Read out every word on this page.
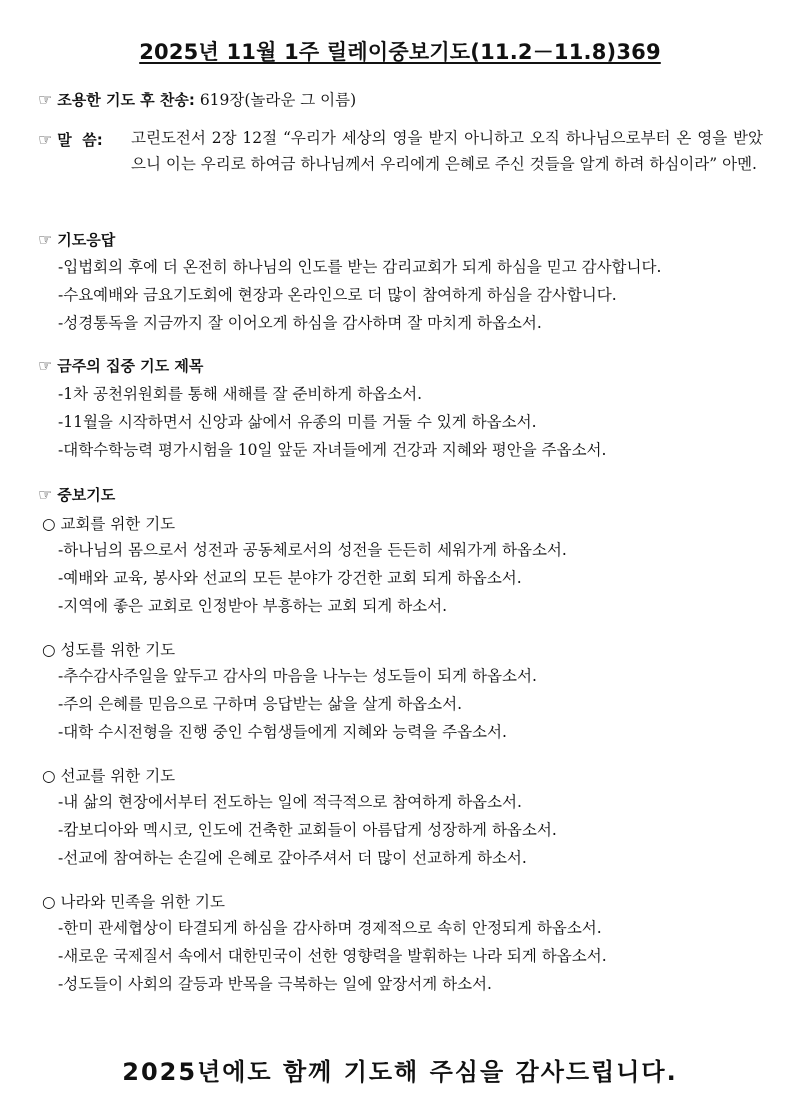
2025년 11월 1주 릴레이중보기도(11.2－11.8)369
☞ 조용한 기도 후 찬송: 619장(놀라운 그 이름)
☞ 말  씀: 고린도전서 2장 12절 “우리가 세상의 영을 받지 아니하고 오직 하나님으로부터 온 영을 받았으니 이는 우리로 하여금 하나님께서 우리에게 은혜로 주신 것들을 알게 하려 하심이라” 아멘.
☞ 기도응답
-입법회의 후에 더 온전히 하나님의 인도를 받는 감리교회가 되게 하심을 믿고 감사합니다.
-수요예배와 금요기도회에 현장과 온라인으로 더 많이 참여하게 하심을 감사합니다.
-성경통독을 지금까지 잘 이어오게 하심을 감사하며 잘 마치게 하옵소서.
☞ 금주의 집중 기도 제목
-1차 공천위원회를 통해 새해를 잘 준비하게 하옵소서.
-11월을 시작하면서 신앙과 삶에서 유종의 미를 거둘 수 있게 하옵소서.
-대학수학능력 평가시험을 10일 앞둔 자녀들에게 건강과 지혜와 평안을 주옵소서.
☞ 중보기도
○ 교회를 위한 기도
-하나님의 몸으로서 성전과 공동체로서의 성전을 든든히 세워가게 하옵소서.
-예배와 교육, 봉사와 선교의 모든 분야가 강건한 교회 되게 하옵소서.
-지역에 좋은 교회로 인정받아 부흥하는 교회 되게 하소서.
○ 성도를 위한 기도
-추수감사주일을 앞두고 감사의 마음을 나누는 성도들이 되게 하옵소서.
-주의 은혜를 믿음으로 구하며 응답받는 삶을 살게 하옵소서.
-대학 수시전형을 진행 중인 수험생들에게 지혜와 능력을 주옵소서.
○ 선교를 위한 기도
-내 삶의 현장에서부터 전도하는 일에 적극적으로 참여하게 하옵소서.
-캄보디아와 멕시코, 인도에 건축한 교회들이 아름답게 성장하게 하옵소서.
-선교에 참여하는 손길에 은혜로 갚아주셔서 더 많이 선교하게 하소서.
○ 나라와 민족을 위한 기도
-한미 관세협상이 타결되게 하심을 감사하며 경제적으로 속히 안정되게 하옵소서.
-새로운 국제질서 속에서 대한민국이 선한 영향력을 발휘하는 나라 되게 하옵소서.
-성도들이 사회의 갈등과 반목을 극복하는 일에 앞장서게 하소서.
2025년에도 함께 기도해 주심을 감사드립니다.
